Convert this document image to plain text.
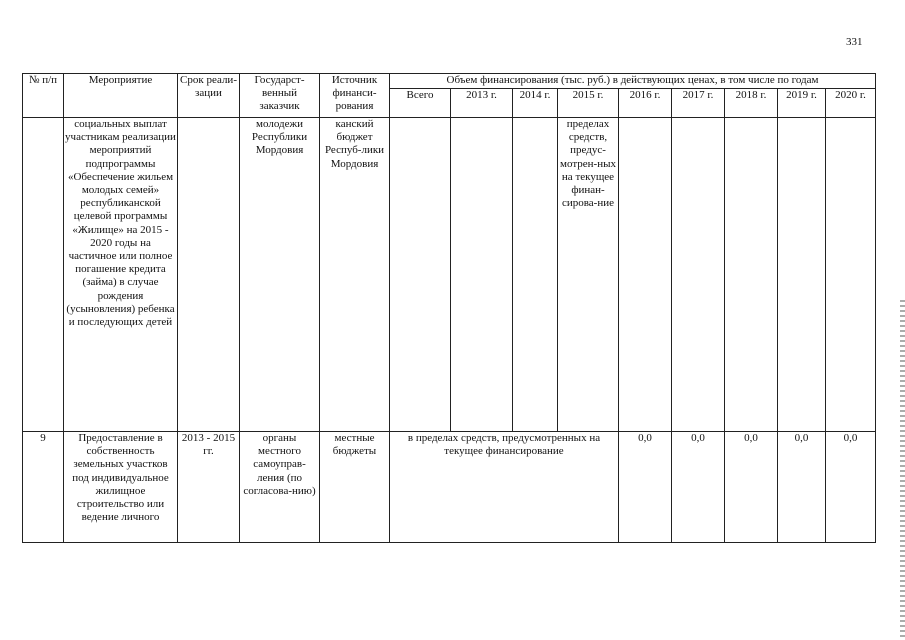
331
№ п/п	Мероприятие	Срок реали-зации	Государст-венный заказчик	Источник финанси-рования	Объем финансирования (тыс. руб.) в действующих ценах, в том числе по годам								
					Всего	2013 г.	2014 г.	2015 г.	2016 г.	2017 г.	2018 г.	2019 г.	2020 г.
	социальных выплат участникам реализации мероприятий подпрограммы «Обеспечение жильем молодых семей» республиканской целевой программы «Жилище» на 2015 - 2020 годы на частичное или полное погашение кредита (займа) в случае рождения (усыновления) ребенка и последующих детей		молодежи Республики Мордовия	канский бюджет Респуб-лики Мордовия				пределах средств, предус-мотрен-ных на текущее финан-сирова-ние					
9	Предоставление в собственность земельных участков под индивидуальное жилищное строительство или ведение личного	2013 - 2015 гг.	органы местного самоуправ-ления (по согласова-нию)	местные бюджеты	в пределах средств, предусмотренных на текущее финансирование				0,0	0,0	0,0	0,0	0,0
